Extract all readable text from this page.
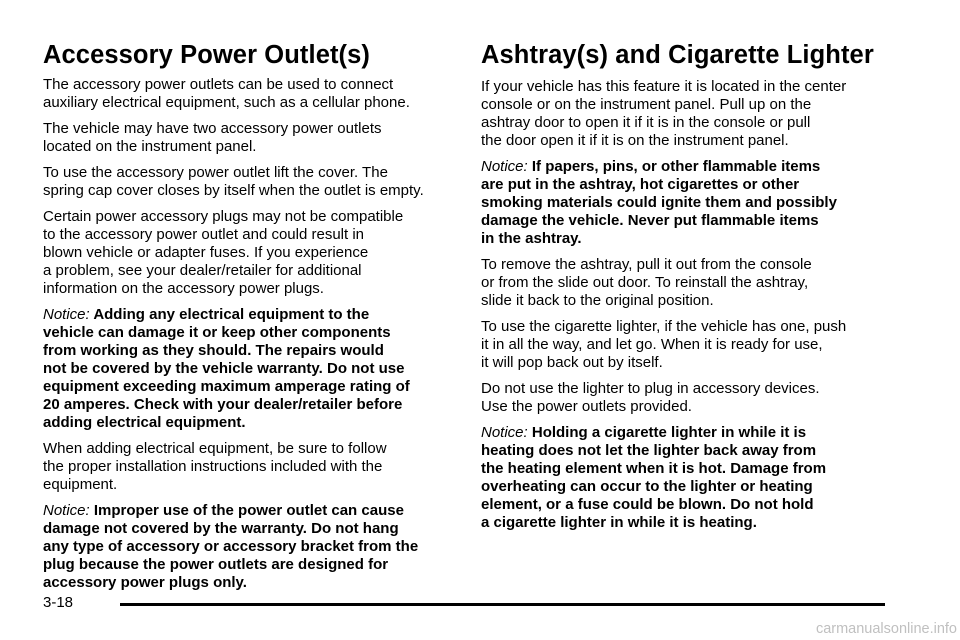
Accessory Power Outlet(s)

The accessory power outlets can be used to connect
auxiliary electrical equipment, such as a cellular phone.

The vehicle may have two accessory power outlets
located on the instrument panel.

To use the accessory power outlet lift the cover. The
spring cap cover closes by itself when the outlet is empty.

Certain power accessory plugs may not be compatible
to the accessory power outlet and could result in
blown vehicle or adapter fuses. If you experience
a problem, see your dealer/retailer for additional
information on the accessory power plugs.

Notice: Adding any electrical equipment to the
vehicle can damage it or keep other components
from working as they should. The repairs would
not be covered by the vehicle warranty. Do not use
equipment exceeding maximum amperage rating of
20 amperes. Check with your dealer/retailer before
adding electrical equipment.

When adding electrical equipment, be sure to follow
the proper installation instructions included with the
equipment.

Notice: Improper use of the power outlet can cause
damage not covered by the warranty. Do not hang
any type of accessory or accessory bracket from the
plug because the power outlets are designed for
accessory power plugs only.

Ashtray(s) and Cigarette Lighter

If your vehicle has this feature it is located in the center
console or on the instrument panel. Pull up on the
ashtray door to open it if it is in the console or pull
the door open it if it is on the instrument panel.

Notice: If papers, pins, or other flammable items
are put in the ashtray, hot cigarettes or other
smoking materials could ignite them and possibly
damage the vehicle. Never put flammable items
in the ashtray.

To remove the ashtray, pull it out from the console
or from the slide out door. To reinstall the ashtray,
slide it back to the original position.

To use the cigarette lighter, if the vehicle has one, push
it in all the way, and let go. When it is ready for use,
it will pop back out by itself.

Do not use the lighter to plug in accessory devices.
Use the power outlets provided.

Notice: Holding a cigarette lighter in while it is
heating does not let the lighter back away from
the heating element when it is hot. Damage from
overheating can occur to the lighter or heating
element, or a fuse could be blown. Do not hold
a cigarette lighter in while it is heating.

3-18
carmanualsonline.info
